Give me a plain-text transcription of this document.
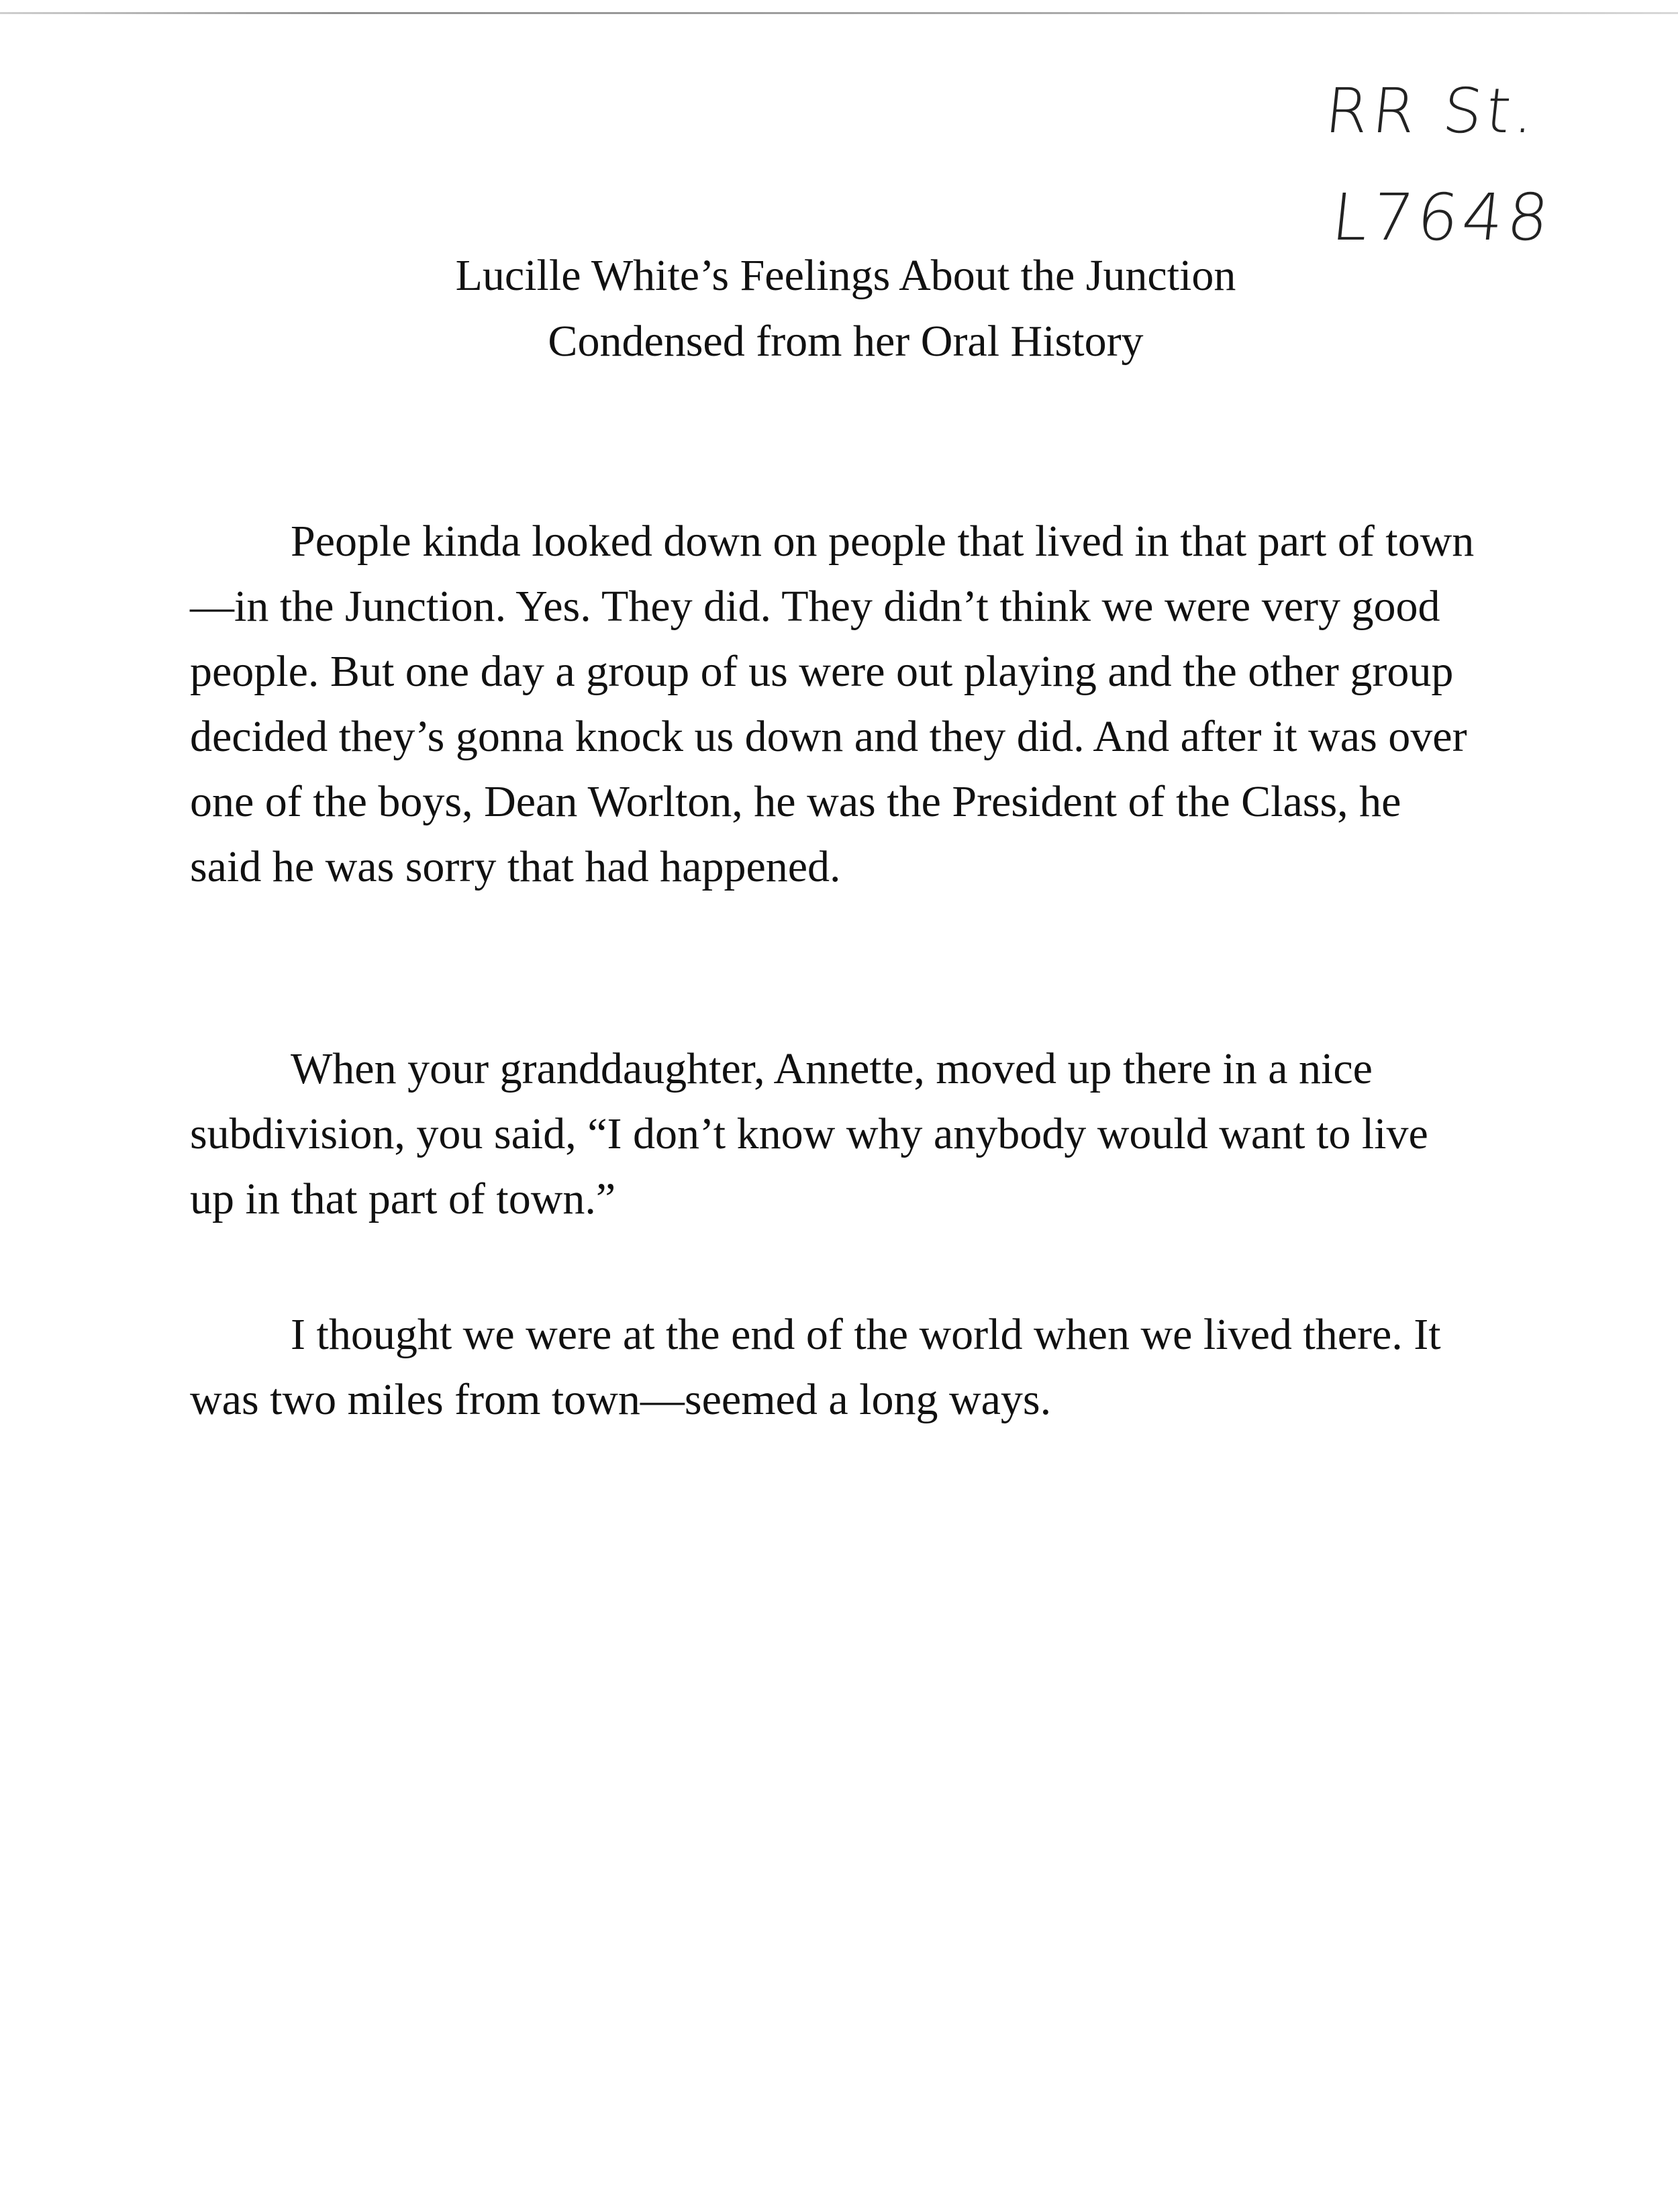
RR St.
L7648
Lucille White’s Feelings About the Junction
Condensed from her Oral History

People kinda looked down on people that lived in that part of town—in the Junction. Yes. They did. They didn’t think we were very good people. But one day a group of us were out playing and the other group decided they’s gonna knock us down and they did. And after it was over one of the boys, Dean Worlton, he was the President of the Class, he said he was sorry that had happened.

When your granddaughter, Annette, moved up there in a nice subdivision, you said, “I don’t know why anybody would want to live up in that part of town.”

I thought we were at the end of the world when we lived there. It was two miles from town—seemed a long ways.
